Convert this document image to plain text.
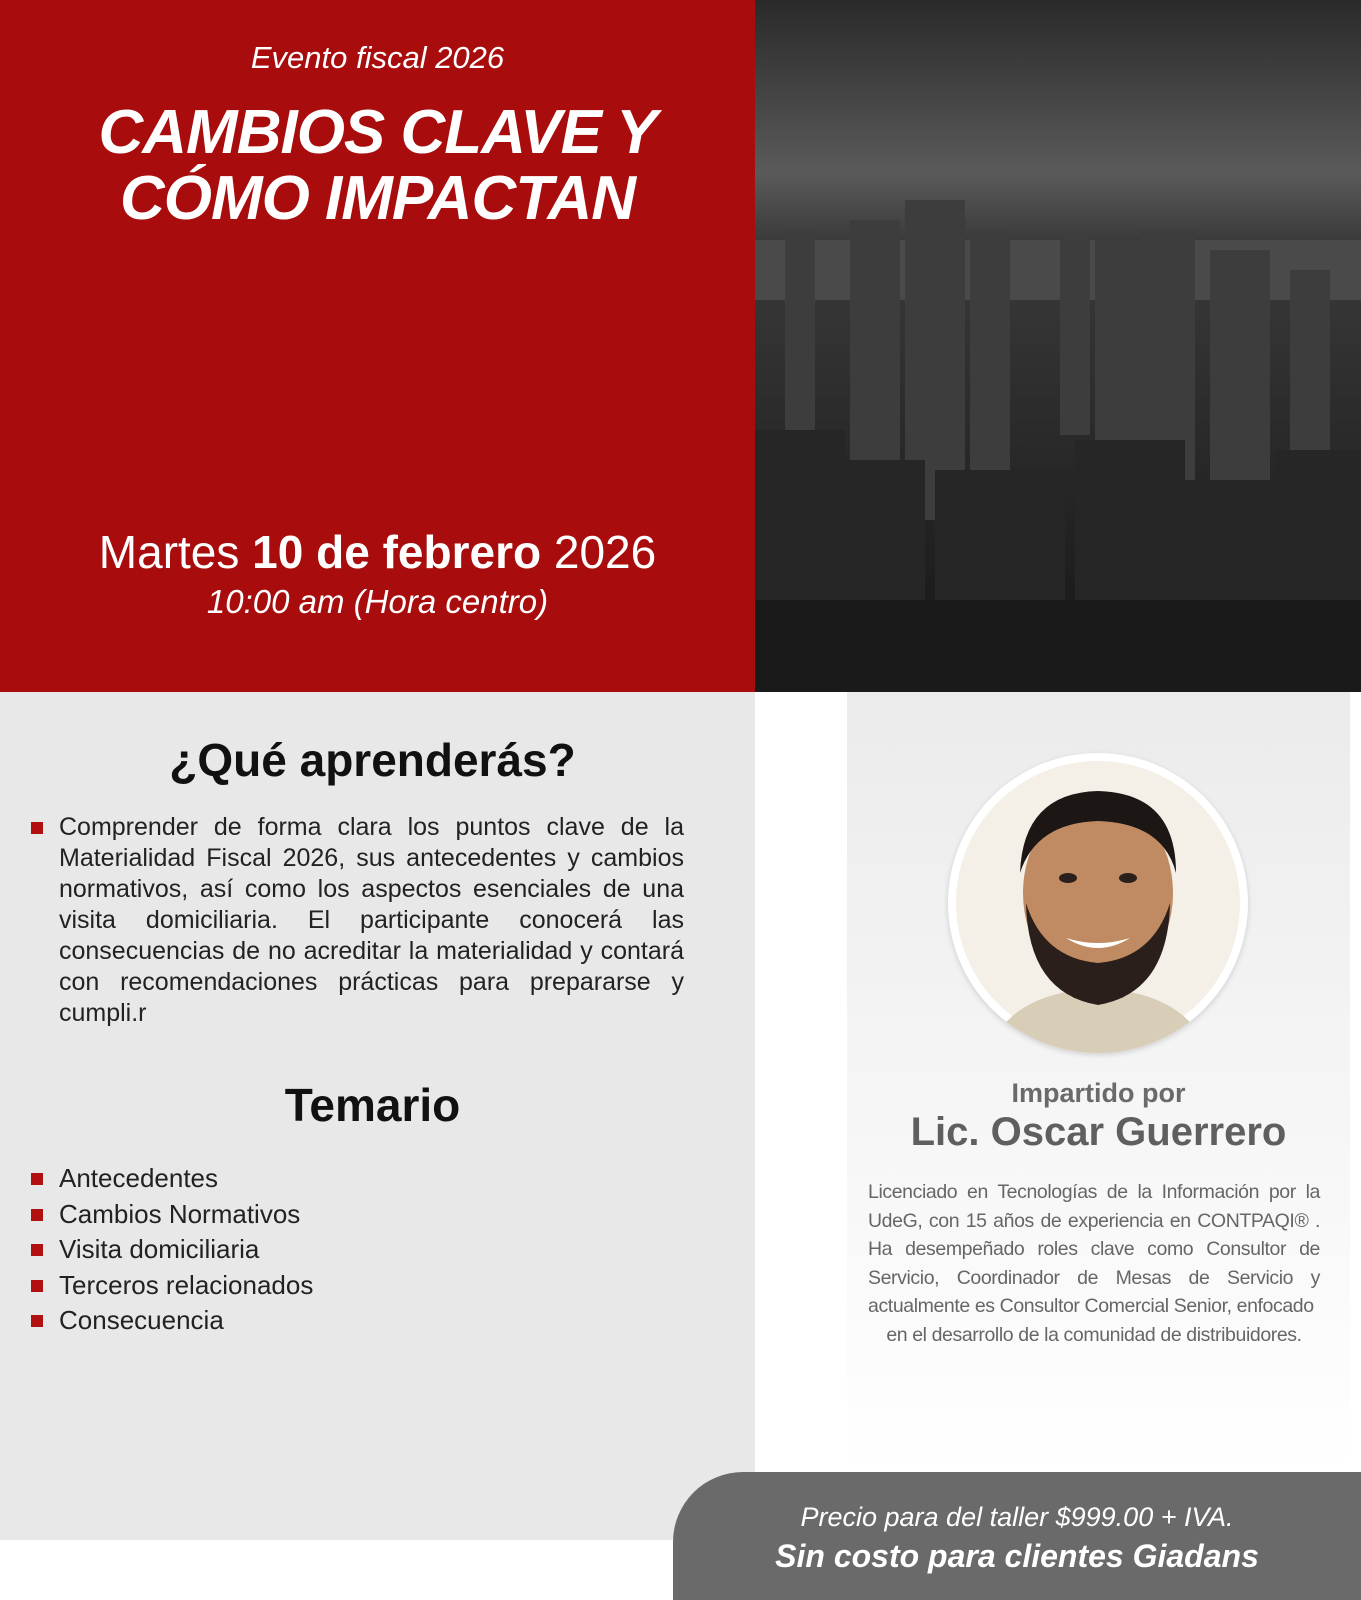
Evento fiscal 2026
CAMBIOS CLAVE Y
CÓMO IMPACTAN
Martes 10 de febrero 2026
10:00 am (Hora centro)
¿Qué aprenderás?
Comprender de forma clara los puntos clave de la Materialidad Fiscal 2026, sus antecedentes y cambios normativos, así como los aspectos esenciales de una visita domiciliaria. El participante conocerá las consecuencias de no acreditar la materialidad y contará con recomendaciones prácticas para prepararse y cumpli.r
Temario
Antecedentes
Cambios Normativos
Visita domiciliaria
Terceros relacionados
Consecuencia
Impartido por
Lic. Oscar Guerrero
Licenciado en Tecnologías de la Información por la UdeG, con 15 años de experiencia en CONTPAQI® . Ha desempeñado roles clave como Consultor de Servicio, Coordinador de Mesas de Servicio y actualmente es Consultor Comercial Senior, enfocado
en el desarrollo de la comunidad de distribuidores.
Precio para del taller $999.00 + IVA.
Sin costo para clientes Giadans
